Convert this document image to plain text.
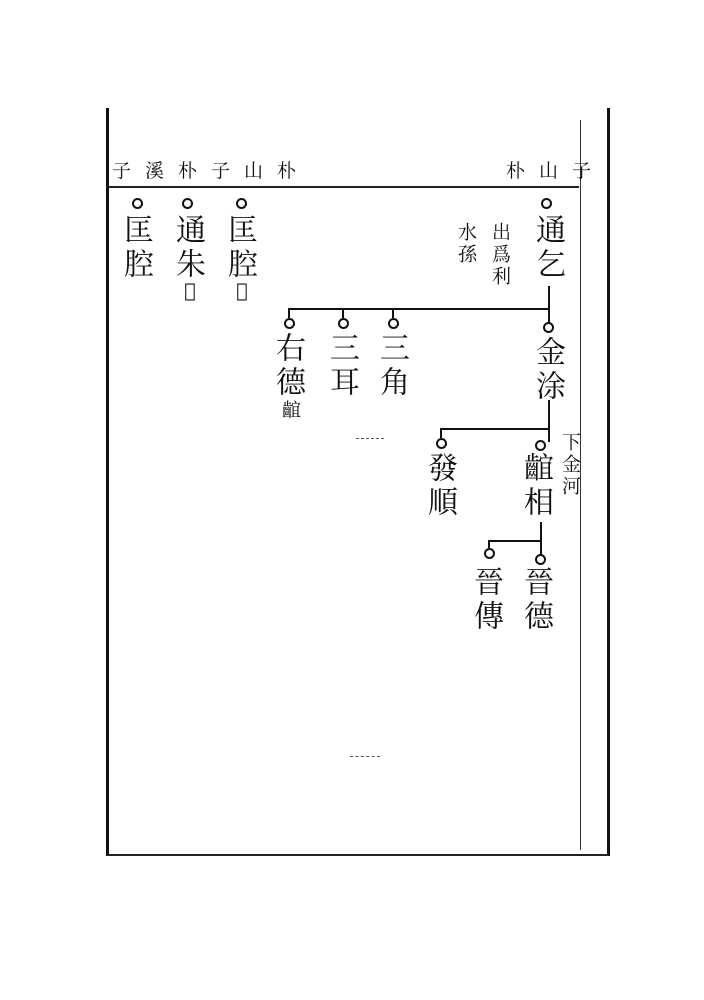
朴山子
子溪朴子山朴
通乞
出爲利
水孫
金涂
右德
𪘲
三耳 三角
發順 𪘲相
晉德
晉傳
匡腔 通朱
𫞫
匡腔
𫞫
下金河
